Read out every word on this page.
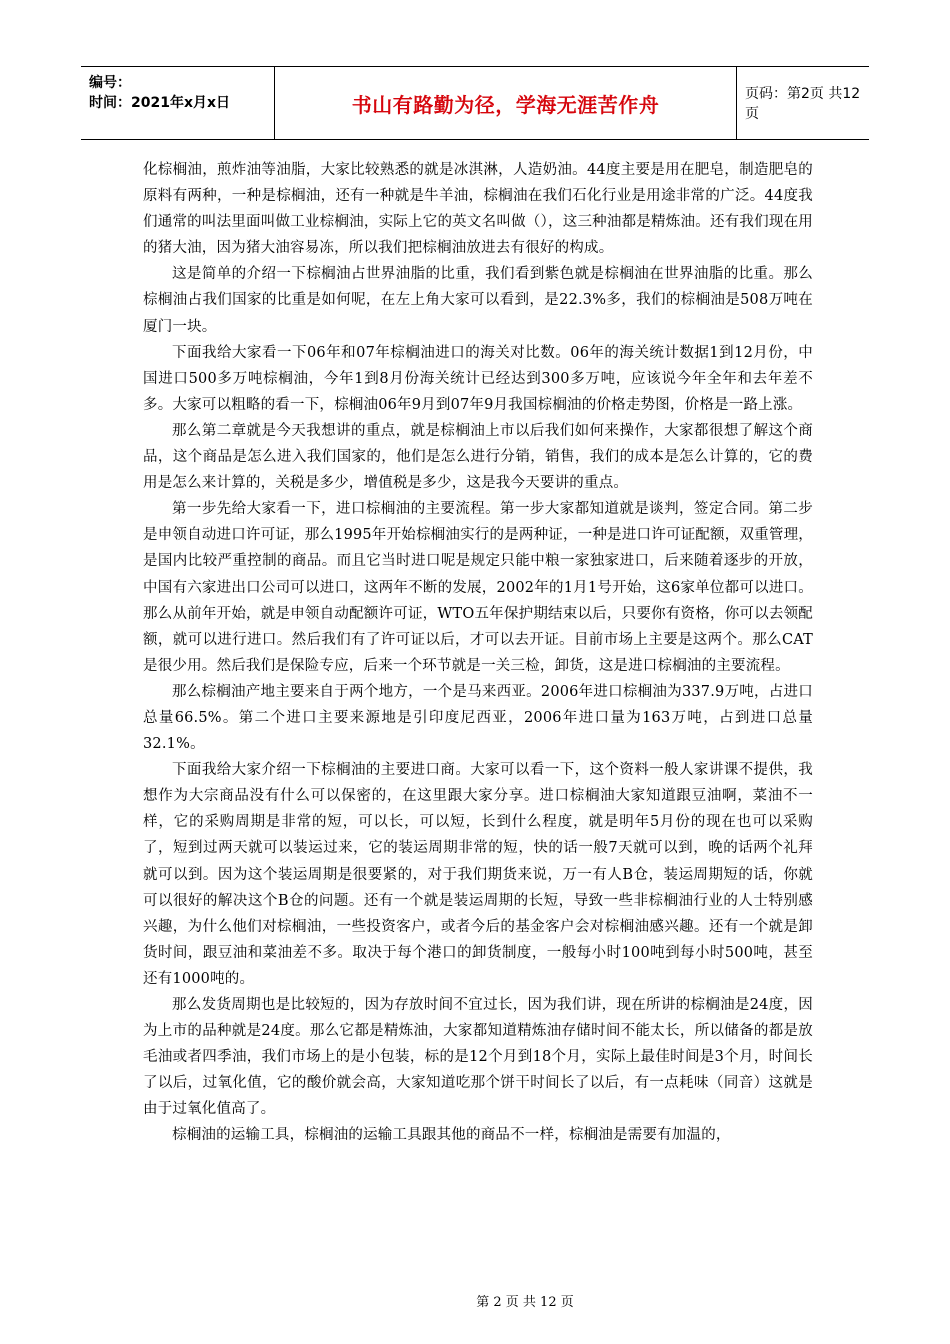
编号：
时间：2021年x月x日	书山有路勤为径，学海无涯苦作舟	页码：第2页 共12页

化棕榈油，煎炸油等油脂，大家比较熟悉的就是冰淇淋，人造奶油。44度主要是用在肥皂，制造肥皂的原料有两种，一种是棕榈油，还有一种就是牛羊油，棕榈油在我们石化行业是用途非常的广泛。44度我们通常的叫法里面叫做工业棕榈油，实际上它的英文名叫做（），这三种油都是精炼油。还有我们现在用的猪大油，因为猪大油容易冻，所以我们把棕榈油放进去有很好的构成。

这是简单的介绍一下棕榈油占世界油脂的比重，我们看到紫色就是棕榈油在世界油脂的比重。那么棕榈油占我们国家的比重是如何呢，在左上角大家可以看到，是22.3%多，我们的棕榈油是508万吨在厦门一块。

下面我给大家看一下06年和07年棕榈油进口的海关对比数。06年的海关统计数据1到12月份，中国进口500多万吨棕榈油，今年1到8月份海关统计已经达到300多万吨，应该说今年全年和去年差不多。大家可以粗略的看一下，棕榈油06年9月到07年9月我国棕榈油的价格走势图，价格是一路上涨。

那么第二章就是今天我想讲的重点，就是棕榈油上市以后我们如何来操作，大家都很想了解这个商品，这个商品是怎么进入我们国家的，他们是怎么进行分销，销售，我们的成本是怎么计算的，它的费用是怎么来计算的，关税是多少，增值税是多少，这是我今天要讲的重点。

第一步先给大家看一下，进口棕榈油的主要流程。第一步大家都知道就是谈判，签定合同。第二步是申领自动进口许可证，那么1995年开始棕榈油实行的是两种证，一种是进口许可证配额，双重管理，是国内比较严重控制的商品。而且它当时进口呢是规定只能中粮一家独家进口，后来随着逐步的开放，中国有六家进出口公司可以进口，这两年不断的发展，2002年的1月1号开始，这6家单位都可以进口。那么从前年开始，就是申领自动配额许可证，WTO五年保护期结束以后，只要你有资格，你可以去领配额，就可以进行进口。然后我们有了许可证以后，才可以去开证。目前市场上主要是这两个。那么CAT是很少用。然后我们是保险专应，后来一个环节就是一关三检，卸货，这是进口棕榈油的主要流程。

那么棕榈油产地主要来自于两个地方，一个是马来西亚。2006年进口棕榈油为337.9万吨，占进口总量66.5%。第二个进口主要来源地是引印度尼西亚，2006年进口量为163万吨，占到进口总量32.1%。

下面我给大家介绍一下棕榈油的主要进口商。大家可以看一下，这个资料一般人家讲课不提供，我想作为大宗商品没有什么可以保密的，在这里跟大家分享。进口棕榈油大家知道跟豆油啊，菜油不一样，它的采购周期是非常的短，可以长，可以短，长到什么程度，就是明年5月份的现在也可以采购了，短到过两天就可以装运过来，它的装运周期非常的短，快的话一般7天就可以到，晚的话两个礼拜就可以到。因为这个装运周期是很要紧的，对于我们期货来说，万一有人B仓，装运周期短的话，你就可以很好的解决这个B仓的问题。还有一个就是装运周期的长短，导致一些非棕榈油行业的人士特别感兴趣，为什么他们对棕榈油，一些投资客户，或者今后的基金客户会对棕榈油感兴趣。还有一个就是卸货时间，跟豆油和菜油差不多。取决于每个港口的卸货制度，一般每小时100吨到每小时500吨，甚至还有1000吨的。

那么发货周期也是比较短的，因为存放时间不宜过长，因为我们讲，现在所讲的棕榈油是24度，因为上市的品种就是24度。那么它都是精炼油，大家都知道精炼油存储时间不能太长，所以储备的都是放毛油或者四季油，我们市场上的是小包装，标的是12个月到18个月，实际上最佳时间是3个月，时间长了以后，过氧化值，它的酸价就会高，大家知道吃那个饼干时间长了以后，有一点耗味（同音）这就是由于过氧化值高了。

棕榈油的运输工具，棕榈油的运输工具跟其他的商品不一样，棕榈油是需要有加温的，

第 2 页 共 12 页
